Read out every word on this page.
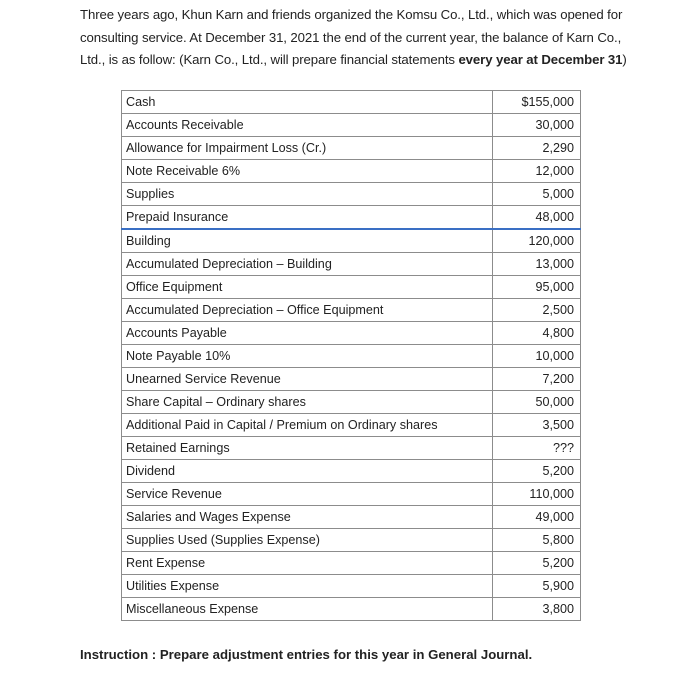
Three years ago, Khun Karn and friends organized the Komsu Co., Ltd., which was opened for consulting service. At December 31, 2021 the end of the current year, the balance of Karn Co., Ltd., is as follow: (Karn Co., Ltd., will prepare financial statements every year at December 31)
Cash	$155,000
Accounts Receivable	30,000
Allowance for Impairment Loss (Cr.)	2,290
Note Receivable 6%	12,000
Supplies	5,000
Prepaid Insurance	48,000
Building	120,000
Accumulated Depreciation – Building	13,000
Office Equipment	95,000
Accumulated Depreciation – Office Equipment	2,500
Accounts Payable	4,800
Note Payable 10%	10,000
Unearned Service Revenue	7,200
Share Capital – Ordinary shares	50,000
Additional Paid in Capital / Premium on Ordinary shares	3,500
Retained Earnings	???
Dividend	5,200
Service Revenue	110,000
Salaries and Wages Expense	49,000
Supplies Used (Supplies Expense)	5,800
Rent Expense	5,200
Utilities Expense	5,900
Miscellaneous Expense	3,800
Instruction : Prepare adjustment entries for this year in General Journal.
